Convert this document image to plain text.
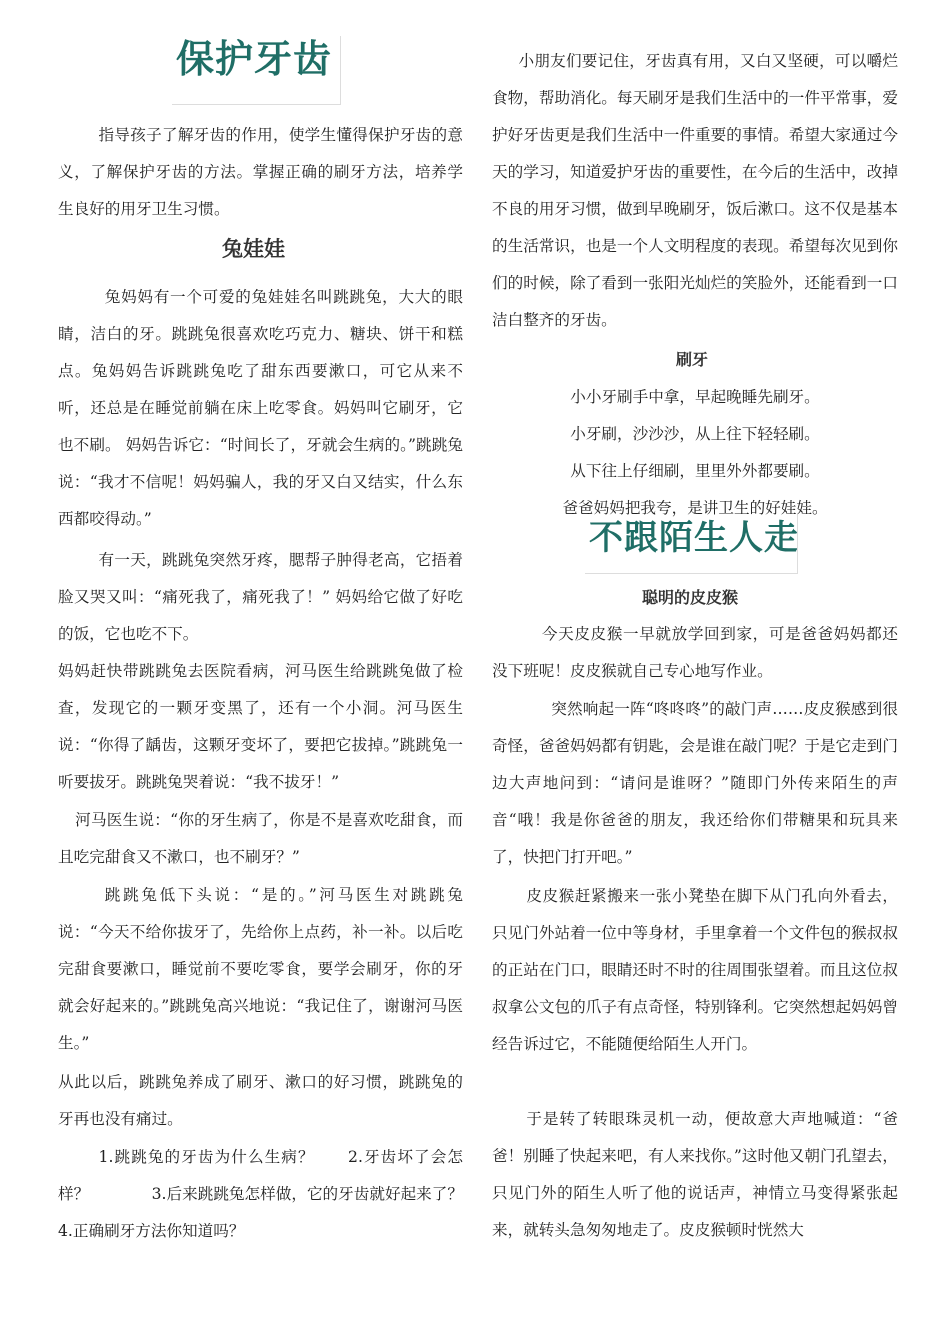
保护牙齿

指导孩子了解牙齿的作用，使学生懂得保护牙齿的意义，了解保护牙齿的方法。掌握正确的刷牙方法，培养学生良好的用牙卫生习惯。

兔娃娃

兔妈妈有一个可爱的兔娃娃名叫跳跳兔，大大的眼睛，洁白的牙。跳跳兔很喜欢吃巧克力、糖块、饼干和糕点。兔妈妈告诉跳跳兔吃了甜东西要漱口，可它从来不听，还总是在睡觉前躺在床上吃零食。妈妈叫它刷牙，它也不刷。 妈妈告诉它：“时间长了，牙就会生病的。”跳跳兔说：“我才不信呢！妈妈骗人，我的牙又白又结实，什么东西都咬得动。”

有一天，跳跳兔突然牙疼，腮帮子肿得老高，它捂着脸又哭又叫：“痛死我了，痛死我了！” 妈妈给它做了好吃的饭，它也吃不下。

妈妈赶快带跳跳兔去医院看病，河马医生给跳跳兔做了检查，发现它的一颗牙变黑了，还有一个小洞。河马医生说：“你得了龋齿，这颗牙变坏了，要把它拔掉。”跳跳兔一听要拔牙。跳跳兔哭着说：“我不拔牙！”

河马医生说：“你的牙生病了，你是不是喜欢吃甜食，而且吃完甜食又不漱口，也不刷牙？”

跳跳兔低下头说：“是的。”河马医生对跳跳兔说：“今天不给你拔牙了，先给你上点药，补一补。以后吃完甜食要漱口，睡觉前不要吃零食，要学会刷牙，你的牙就会好起来的。”跳跳兔高兴地说：“我记住了，谢谢河马医生。”

从此以后，跳跳兔养成了刷牙、漱口的好习惯，跳跳兔的牙再也没有痛过。

1.跳跳兔的牙齿为什么生病？　　2.牙齿坏了会怎样？　　　　3.后来跳跳兔怎样做，它的牙齿就好起来了？　4.正确刷牙方法你知道吗？

小朋友们要记住，牙齿真有用，又白又坚硬，可以嚼烂食物，帮助消化。每天刷牙是我们生活中的一件平常事，爱护好牙齿更是我们生活中一件重要的事情。希望大家通过今天的学习，知道爱护牙齿的重要性，在今后的生活中，改掉不良的用牙习惯，做到早晚刷牙，饭后漱口。这不仅是基本的生活常识，也是一个人文明程度的表现。希望每次见到你们的时候，除了看到一张阳光灿烂的笑脸外，还能看到一口洁白整齐的牙齿。

刷牙

小小牙刷手中拿，早起晚睡先刷牙。

小牙刷，沙沙沙，从上往下轻轻刷。

从下往上仔细刷，里里外外都要刷。

爸爸妈妈把我夸，是讲卫生的好娃娃。

不跟陌生人走
聪明的皮皮猴

今天皮皮猴一早就放学回到家，可是爸爸妈妈都还没下班呢！皮皮猴就自己专心地写作业。

突然响起一阵“咚咚咚”的敲门声……皮皮猴感到很奇怪，爸爸妈妈都有钥匙，会是谁在敲门呢？于是它走到门边大声地问到：“请问是谁呀？”随即门外传来陌生的声音“哦！我是你爸爸的朋友，我还给你们带糖果和玩具来了，快把门打开吧。”

皮皮猴赶紧搬来一张小凳垫在脚下从门孔向外看去，只见门外站着一位中等身材，手里拿着一个文件包的猴叔叔的正站在门口，眼睛还时不时的往周围张望着。而且这位叔叔拿公文包的爪子有点奇怪，特别锋利。它突然想起妈妈曾经告诉过它，不能随便给陌生人开门。

于是转了转眼珠灵机一动，便故意大声地喊道：“爸爸！别睡了快起来吧，有人来找你。”这时他又朝门孔望去，只见门外的陌生人听了他的说话声，神情立马变得紧张起来，就转头急匆匆地走了。皮皮猴顿时恍然大
